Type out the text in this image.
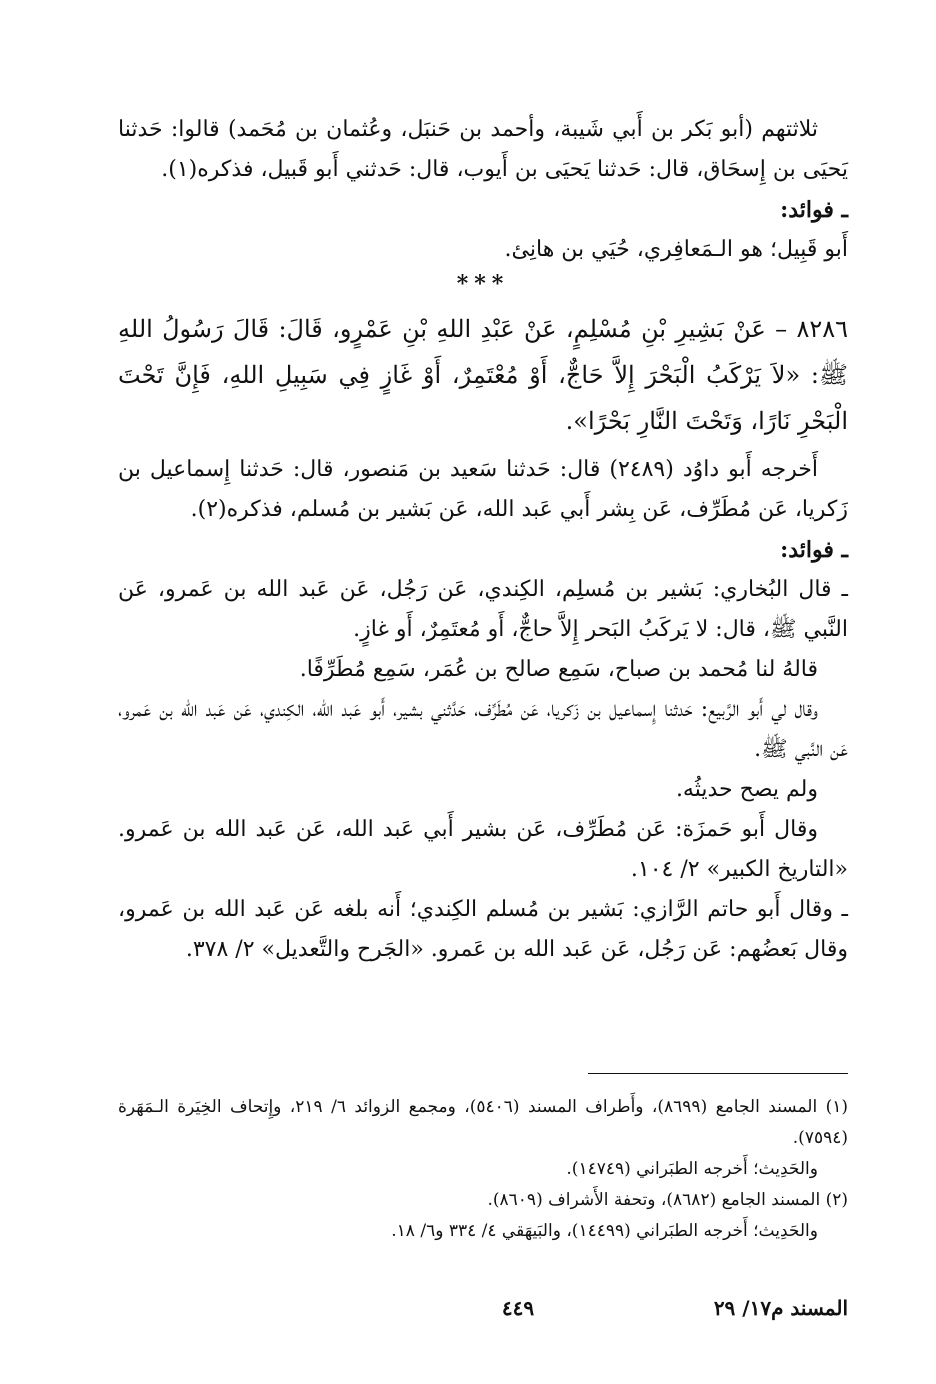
ثلاثتهم (أبو بَكر بن أَبي شَيبة، وأحمد بن حَنبَل، وعُثمان بن مُحَمد) قالوا: حَدثنا يَحيَى بن إِسحَاق، قال: حَدثنا يَحيَى بن أَيوب، قال: حَدثني أَبو قَبيل، فذكره(١).

ـ فوائد:

أَبو قَبِيل؛ هو الـمَعافِري، حُيَي بن هانِئ.

***

٨٢٨٦ – عَنْ بَشِيرِ بْنِ مُسْلِمٍ، عَنْ عَبْدِ اللهِ بْنِ عَمْرٍو، قَالَ: قَالَ رَسُولُ اللهِ ﷺ: «لاَ يَرْكَبُ الْبَحْرَ إِلاَّ حَاجٌّ، أَوْ مُعْتَمِرٌ، أَوْ غَازٍ فِي سَبِيلِ اللهِ، فَإِنَّ تَحْتَ الْبَحْرِ نَارًا، وَتَحْتَ النَّارِ بَحْرًا».

أَخرجه أَبو داوُد (٢٤٨٩) قال: حَدثنا سَعيد بن مَنصور، قال: حَدثنا إِسماعيل بن زَكريا، عَن مُطَرِّف، عَن بِشر أَبي عَبد الله، عَن بَشير بن مُسلم، فذكره(٢).

ـ فوائد:

ـ قال البُخاري: بَشير بن مُسلِم، الكِندي، عَن رَجُل، عَن عَبد الله بن عَمرو، عَن النَّبي ﷺ، قال: لا يَركَبُ البَحر إِلاَّ حاجٌّ، أَو مُعتَمِرٌ، أَو غازٍ.

قالهُ لنا مُحمد بن صباح، سَمِع صالح بن عُمَر، سَمِع مُطَرِّفًا.

وقال لي أَبو الرَّبيع: حَدثنا إِسماعيل بن زَكريا، عَن مُطَرِّف، حَدَّثني بشير، أَبو عَبد الله، الكِندي، عَن عَبد الله بن عَمرو، عَن النَّبي ﷺ.

ولم يصح حديثُه.

وقال أَبو حَمزَة: عَن مُطَرِّف، عَن بشير أَبي عَبد الله، عَن عَبد الله بن عَمرو. «التاريخ الكبير» ٢/ ١٠٤.

ـ وقال أَبو حاتم الرَّازي: بَشير بن مُسلم الكِندي؛ أَنه بلغه عَن عَبد الله بن عَمرو، وقال بَعضُهم: عَن رَجُل، عَن عَبد الله بن عَمرو. «الجَرح والتَّعديل» ٢/ ٣٧٨.

(١) المسند الجامع (٨٦٩٩)، وأَطراف المسند (٥٤٠٦)، ومجمع الزوائد ٦/ ٢١٩، وإِتحاف الخِيَرة الـمَهَرة (٧٥٩٤).

والحَدِيث؛ أَخرجه الطبَراني (١٤٧٤٩).

(٢) المسند الجامع (٨٦٨٢)، وتحفة الأَشراف (٨٦٠٩).

والحَدِيث؛ أَخرجه الطبَراني (١٤٤٩٩)، والبَيهَقي ٤/ ٣٣٤ و٦/ ١٨.

المسند م١٧/ ٢٩
٤٤٩
